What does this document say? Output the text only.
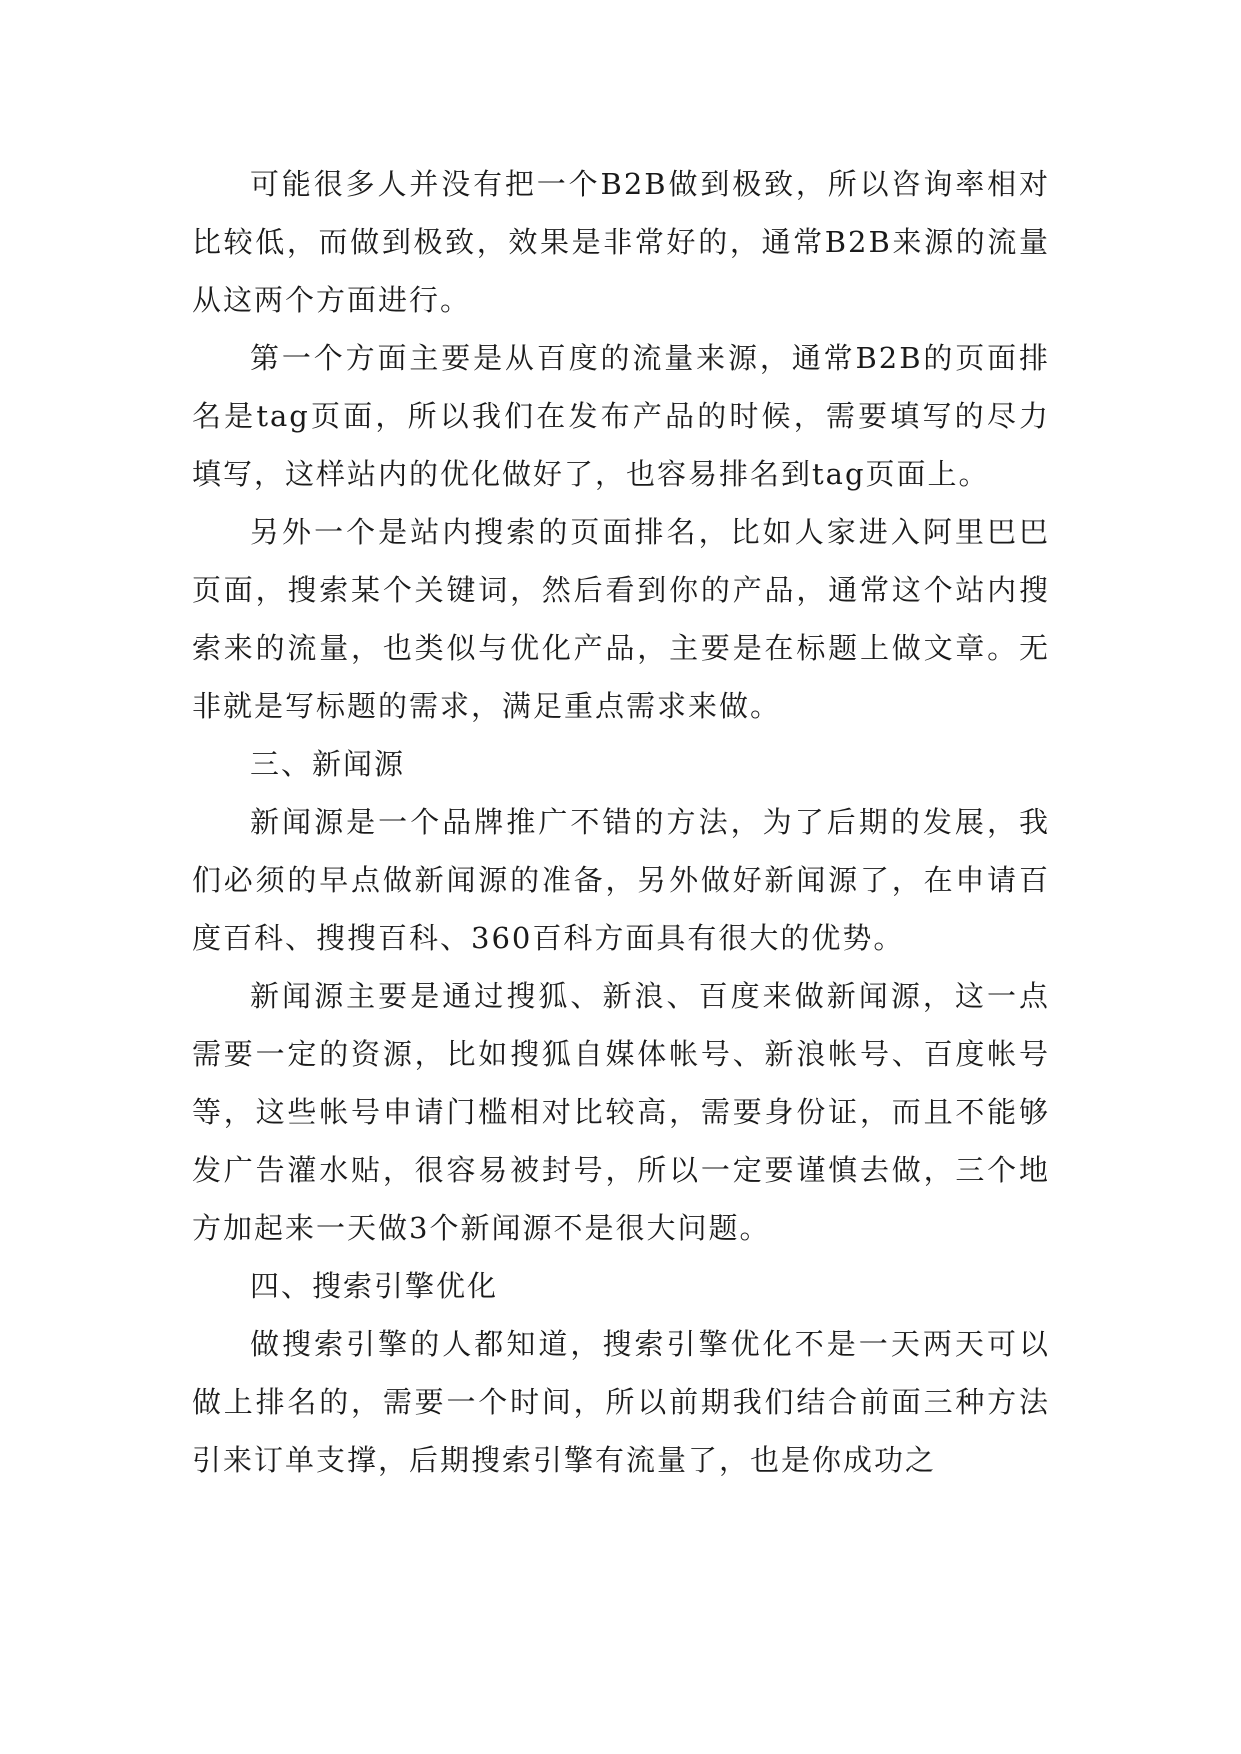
可能很多人并没有把一个B2B做到极致，所以咨询率相对比较低，而做到极致，效果是非常好的，通常B2B来源的流量从这两个方面进行。

第一个方面主要是从百度的流量来源，通常B2B的页面排名是tag页面，所以我们在发布产品的时候，需要填写的尽力填写，这样站内的优化做好了，也容易排名到tag页面上。

另外一个是站内搜索的页面排名，比如人家进入阿里巴巴页面，搜索某个关键词，然后看到你的产品，通常这个站内搜索来的流量，也类似与优化产品，主要是在标题上做文章。无非就是写标题的需求，满足重点需求来做。

三、新闻源

新闻源是一个品牌推广不错的方法，为了后期的发展，我们必须的早点做新闻源的准备，另外做好新闻源了，在申请百度百科、搜搜百科、360百科方面具有很大的优势。

新闻源主要是通过搜狐、新浪、百度来做新闻源，这一点需要一定的资源，比如搜狐自媒体帐号、新浪帐号、百度帐号等，这些帐号申请门槛相对比较高，需要身份证，而且不能够发广告灌水贴，很容易被封号，所以一定要谨慎去做，三个地方加起来一天做3个新闻源不是很大问题。

四、搜索引擎优化

做搜索引擎的人都知道，搜索引擎优化不是一天两天可以做上排名的，需要一个时间，所以前期我们结合前面三种方法引来订单支撑，后期搜索引擎有流量了，也是你成功之
